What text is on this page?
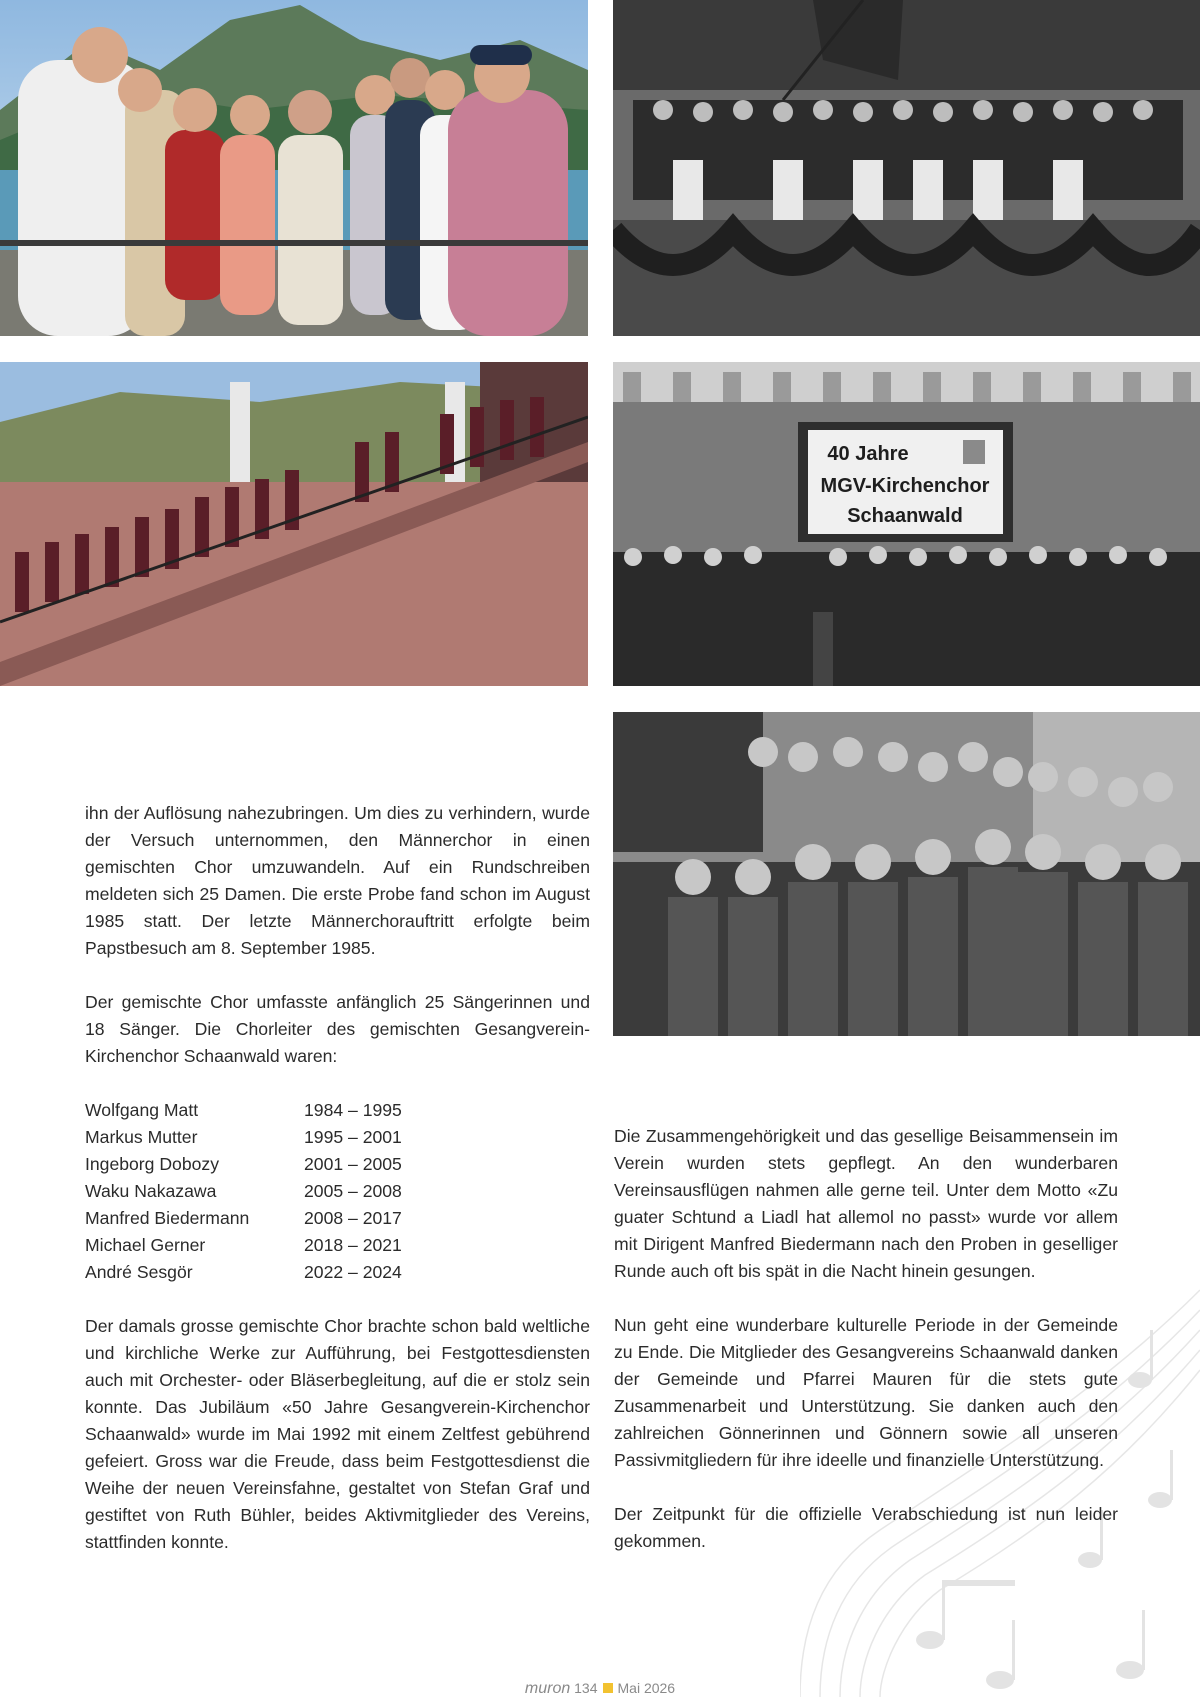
40 Jahre
MGV-Kirchenchor
Schaanwald

ihn der Auflösung nahezubringen. Um dies zu verhindern, wurde der Versuch unternommen, den Männerchor in einen gemischten Chor umzuwandeln. Auf ein Rundschreiben meldeten sich 25 Damen. Die erste Probe fand schon im August 1985 statt. Der letzte Männerchorauftritt erfolgte beim Papstbesuch am 8. September 1985.

Der gemischte Chor umfasste anfänglich 25 Sängerinnen und 18 Sänger. Die Chorleiter des gemischten Gesangverein-Kirchenchor Schaanwald waren:

Wolfgang Matt	1984 – 1995
Markus Mutter	1995 – 2001
Ingeborg Dobozy	2001 – 2005
Waku Nakazawa	2005 – 2008
Manfred Biedermann	2008 – 2017
Michael Gerner	2018 – 2021
André Sesgör	2022 – 2024

Der damals grosse gemischte Chor brachte schon bald weltliche und kirchliche Werke zur Aufführung, bei Festgottesdiensten auch mit Orchester- oder Bläserbegleitung, auf die er stolz sein konnte. Das Jubiläum «50 Jahre Gesangverein-Kirchenchor Schaanwald» wurde im Mai 1992 mit einem Zeltfest gebührend gefeiert. Gross war die Freude, dass beim Festgottesdienst die Weihe der neuen Vereinsfahne, gestaltet von Stefan Graf und gestiftet von Ruth Bühler, beides Aktivmitglieder des Vereins, stattfinden konnte.

Die Zusammengehörigkeit und das gesellige Beisammensein im Verein wurden stets gepflegt. An den wunderbaren Vereinsausflügen nahmen alle gerne teil. Unter dem Motto «Zu guater Schtund a Liadl hat allemol no passt» wurde vor allem mit Dirigent Manfred Biedermann nach den Proben in geselliger Runde auch oft bis spät in die Nacht hinein gesungen.

Nun geht eine wunderbare kulturelle Periode in der Gemeinde zu Ende. Die Mitglieder des Gesangvereins Schaanwald danken der Gemeinde und Pfarrei Mauren für die stets gute Zusammenarbeit und Unterstützung. Sie danken auch den zahlreichen Gönnerinnen und Gönnern sowie all unseren Passivmitgliedern für ihre ideelle und finanzielle Unterstützung.

Der Zeitpunkt für die offizielle Verabschiedung ist nun leider gekommen.

muron 134 Mai 2026
